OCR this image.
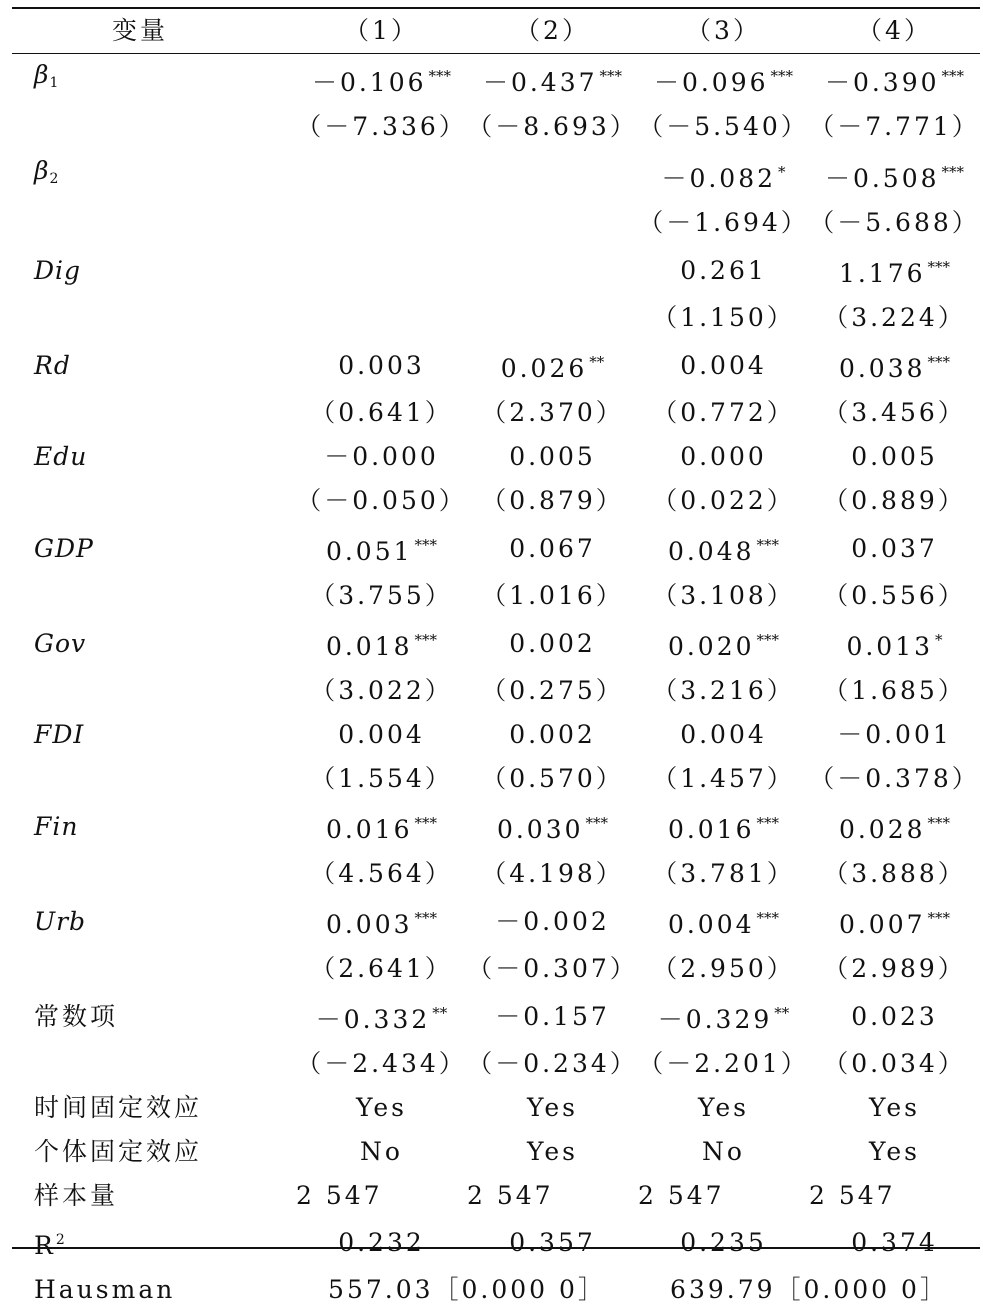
变量	（1）	（2）	（3）	（4）
$\beta_1$	－0.106 ***	－0.437 ***	－0.096 ***	－0.390 ***
	（－7.336）	（－8.693）	（－5.540）	（－7.771）
$\beta_2$			－0.082 *	－0.508 ***
			（－1.694）	（－5.688）
Dig			0.261	1.176 ***
			（1.150）	（3.224）
Rd	0.003	0.026 **	0.004	0.038 ***
	（0.641）	（2.370）	（0.772）	（3.456）
Edu	－0.000	0.005	0.000	0.005
	（－0.050）	（0.879）	（0.022）	（0.889）
GDP	0.051 ***	0.067	0.048 ***	0.037
	（3.755）	（1.016）	（3.108）	（0.556）
Gov	0.018 ***	0.002	0.020 ***	0.013 *
	（3.022）	（0.275）	（3.216）	（1.685）
FDI	0.004	0.002	0.004	－0.001
	（1.554）	（0.570）	（1.457）	（－0.378）
Fin	0.016 ***	0.030 ***	0.016 ***	0.028 ***
	（4.564）	（4.198）	（3.781）	（3.888）
Urb	0.003 ***	－0.002	0.004 ***	0.007 ***
	（2.641）	（－0.307）	（2.950）	（2.989）
常数项	－0.332 **	－0.157	－0.329 **	0.023
	（－2.434）	（－0.234）	（－2.201）	（0.034）
时间固定效应	Yes	Yes	Yes	Yes
个体固定效应	No	Yes	No	Yes
样本量	2 547	2 547	2 547	2 547
$R^2$	0.232	0.357	0.235	0.374
Hausman	557.03［0.000 0］		639.79［0.000 0］	
